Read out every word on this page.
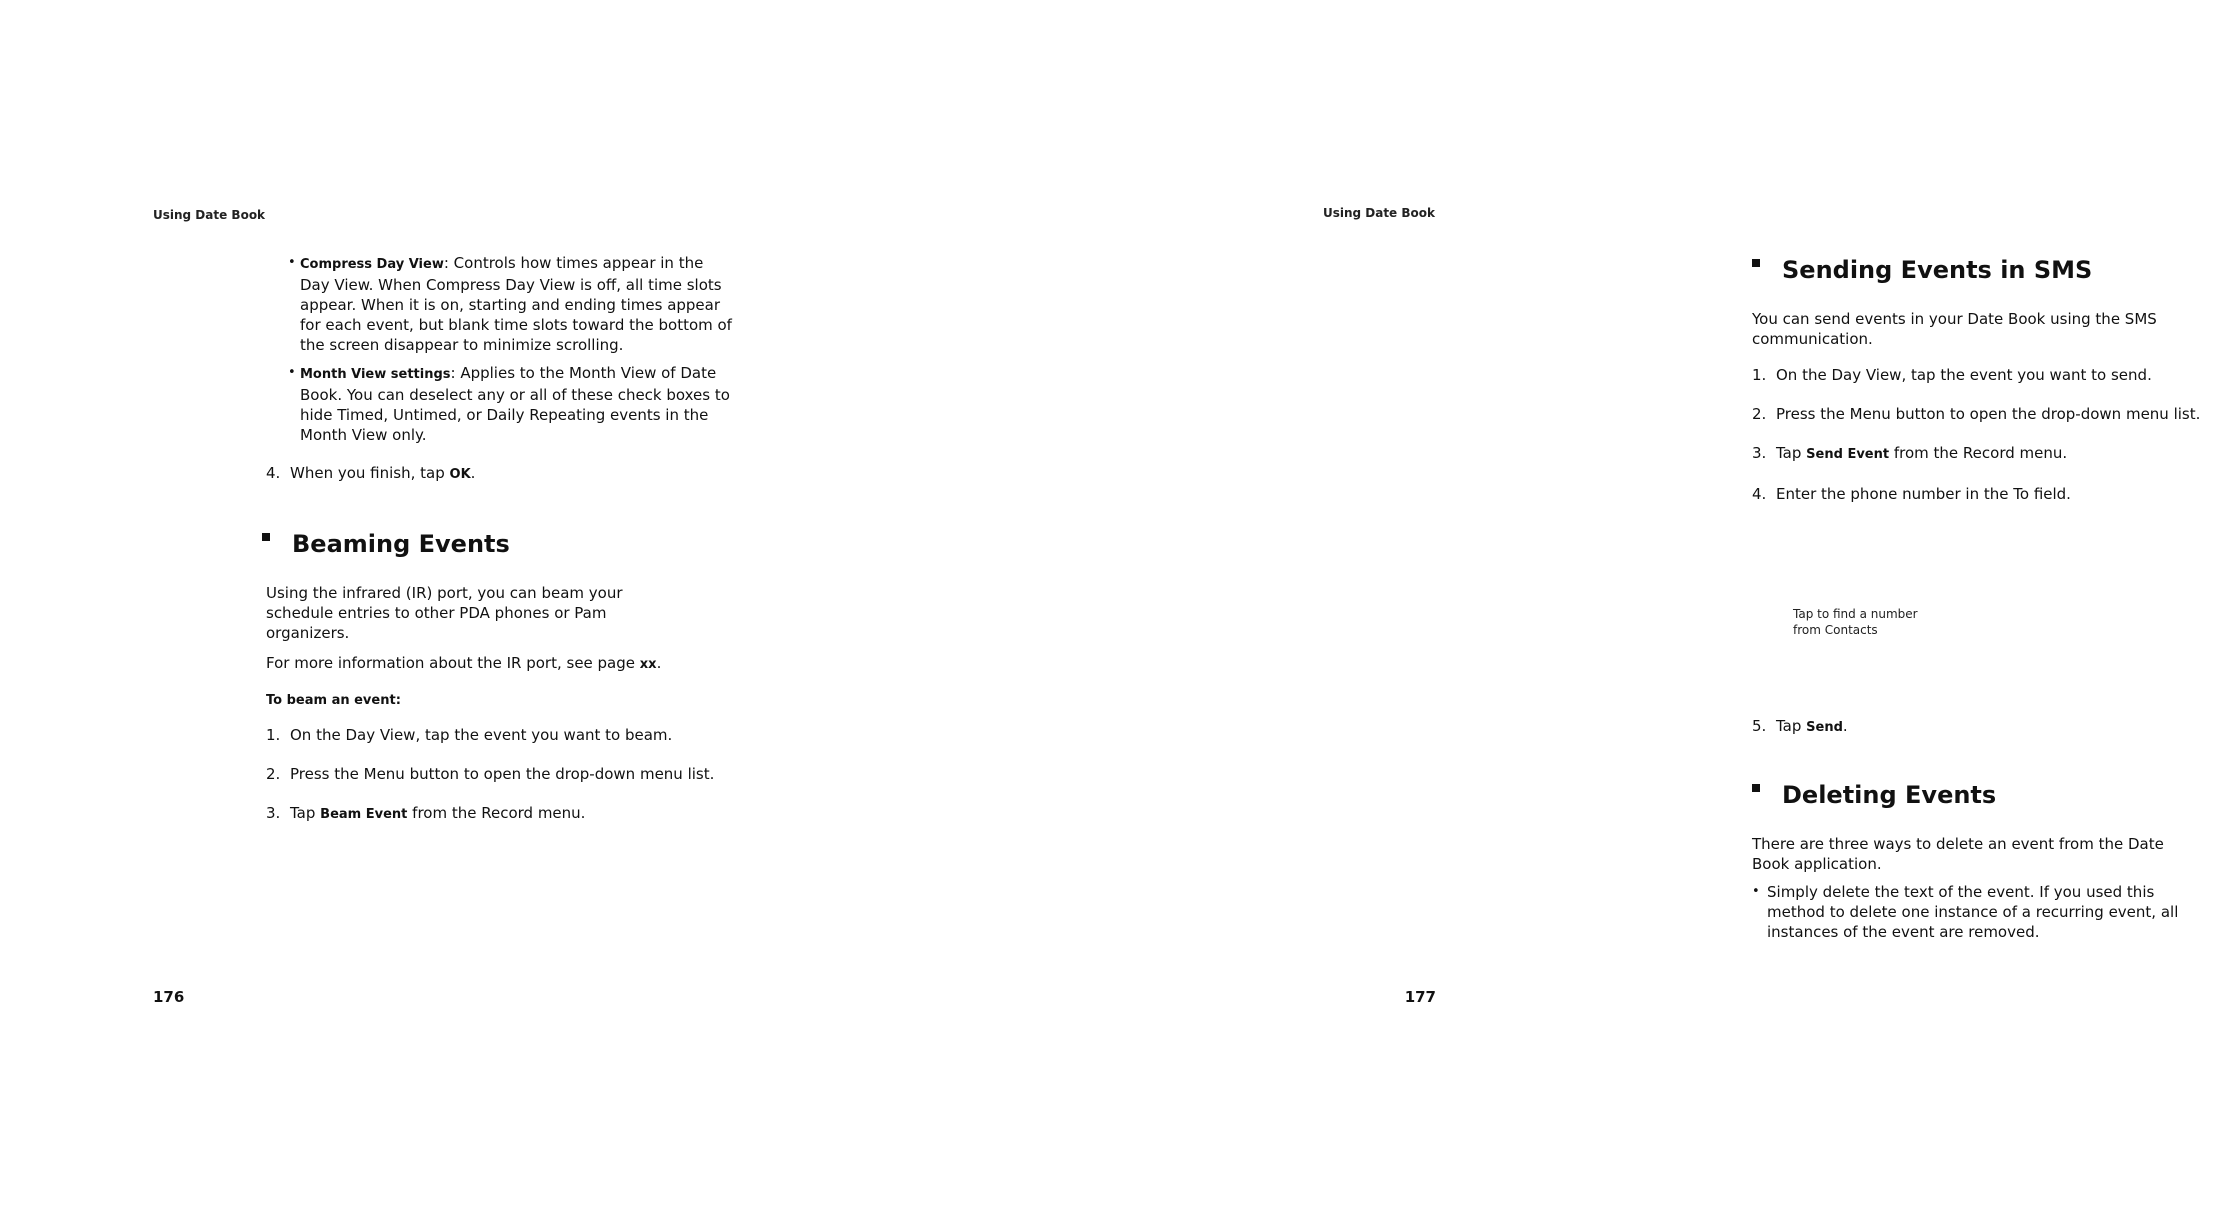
Using Date Book
• Compress Day View: Controls how times appear in the Day View. When Compress Day View is off, all time slots appear. When it is on, starting and ending times appear for each event, but blank time slots toward the bottom of the screen disappear to minimize scrolling.
• Month View settings: Applies to the Month View of Date Book. You can deselect any or all of these check boxes to hide Timed, Untimed, or Daily Repeating events in the Month View only.
4. When you finish, tap OK.
Beaming Events

Using the infrared (IR) port, you can beam your schedule entries to other PDA phones or Pam organizers.

For more information about the IR port, see page xx.

To beam an event:

1. On the Day View, tap the event you want to beam.
2. Press the Menu button to open the drop-down menu list.
3. Tap Beam Event from the Record menu.
176
Using Date Book
Sending Events in SMS

You can send events in your Date Book using the SMS communication.

1. On the Day View, tap the event you want to send.
2. Press the Menu button to open the drop-down menu list.
3. Tap Send Event from the Record menu.
4. Enter the phone number in the To field.
Tap to find a number
from Contacts
5. Tap Send.
Deleting Events

There are three ways to delete an event from the Date Book application.

• Simply delete the text of the event. If you used this method to delete one instance of a recurring event, all instances of the event are removed.
177
